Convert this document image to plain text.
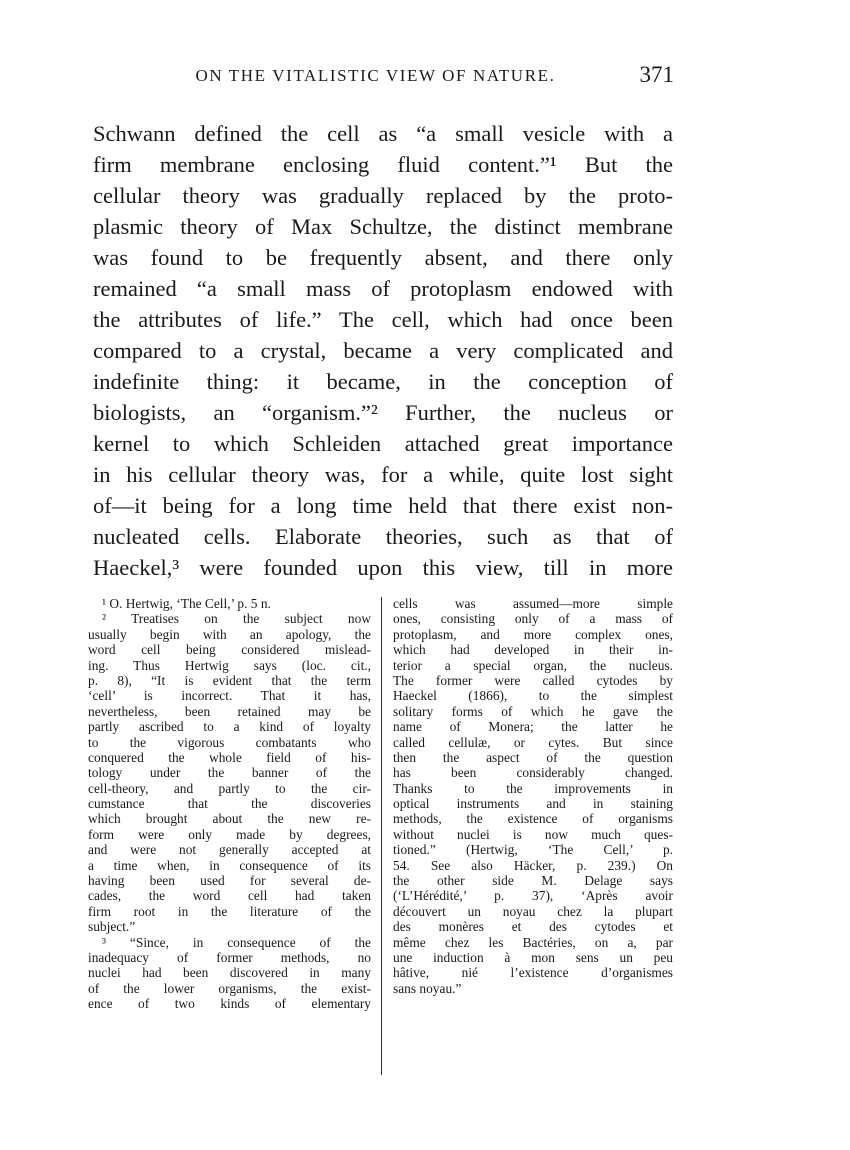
ON THE VITALISTIC VIEW OF NATURE.	371
Schwann defined the cell as “a small vesicle with a
firm membrane enclosing fluid content.”¹ But the
cellular theory was gradually replaced by the proto-
plasmic theory of Max Schultze, the distinct membrane
was found to be frequently absent, and there only
remained “a small mass of protoplasm endowed with
the attributes of life.” The cell, which had once been
compared to a crystal, became a very complicated and
indefinite thing: it became, in the conception of
biologists, an “organism.”² Further, the nucleus or
kernel to which Schleiden attached great importance
in his cellular theory was, for a while, quite lost sight
of—it being for a long time held that there exist non-
nucleated cells. Elaborate theories, such as that of
Haeckel,³ were founded upon this view, till in more
¹ O. Hertwig, ‘The Cell,’ p. 5 n.
² Treatises on the subject now
usually begin with an apology, the
word cell being considered mislead-
ing. Thus Hertwig says (loc. cit.,
p. 8), “It is evident that the term
‘cell’ is incorrect. That it has,
nevertheless, been retained may be
partly ascribed to a kind of loyalty
to the vigorous combatants who
conquered the whole field of his-
tology under the banner of the
cell-theory, and partly to the cir-
cumstance that the discoveries
which brought about the new re-
form were only made by degrees,
and were not generally accepted at
a time when, in consequence of its
having been used for several de-
cades, the word cell had taken
firm root in the literature of the
subject.”
³ “Since, in consequence of the
inadequacy of former methods, no
nuclei had been discovered in many
of the lower organisms, the exist-
ence of two kinds of elementary
cells was assumed—more simple
ones, consisting only of a mass of
protoplasm, and more complex ones,
which had developed in their in-
terior a special organ, the nucleus.
The former were called cytodes by
Haeckel (1866), to the simplest
solitary forms of which he gave the
name of Monera; the latter he
called cellulæ, or cytes. But since
then the aspect of the question
has been considerably changed.
Thanks to the improvements in
optical instruments and in staining
methods, the existence of organisms
without nuclei is now much ques-
tioned.” (Hertwig, ‘The Cell,’ p.
54. See also Häcker, p. 239.) On
the other side M. Delage says
(‘L’Hérédité,’ p. 37), ‘Après avoir
découvert un noyau chez la plupart
des monères et des cytodes et
même chez les Bactéries, on a, par
une induction à mon sens un peu
hâtive, nié l’existence d’organismes
sans noyau.”
